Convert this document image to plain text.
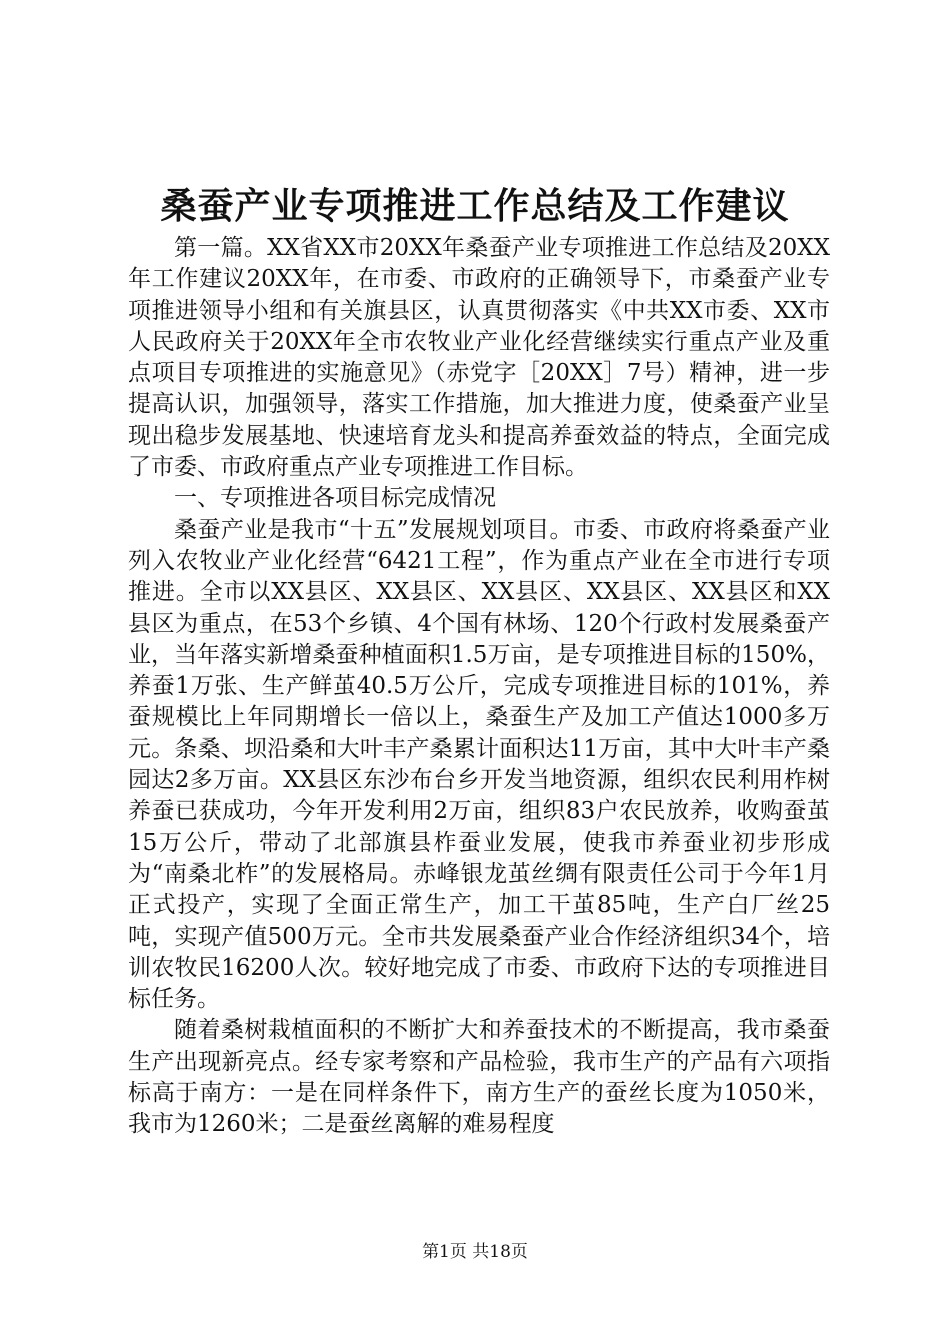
桑蚕产业专项推进工作总结及工作建议

第一篇。XX省XX市20XX年桑蚕产业专项推进工作总结及20XX年工作建议20XX年，在市委、市政府的正确领导下，市桑蚕产业专项推进领导小组和有关旗县区，认真贯彻落实《中共XX市委、XX市人民政府关于20XX年全市农牧业产业化经营继续实行重点产业及重点项目专项推进的实施意见》（赤党字［20XX］7号）精神，进一步提高认识，加强领导，落实工作措施，加大推进力度，使桑蚕产业呈现出稳步发展基地、快速培育龙头和提高养蚕效益的特点，全面完成了市委、市政府重点产业专项推进工作目标。

一、专项推进各项目标完成情况

桑蚕产业是我市“十五”发展规划项目。市委、市政府将桑蚕产业列入农牧业产业化经营“6421工程”，作为重点产业在全市进行专项推进。全市以XX县区、XX县区、XX县区、XX县区、XX县区和XX县区为重点，在53个乡镇、4个国有林场、120个行政村发展桑蚕产业，当年落实新增桑蚕种植面积1.5万亩，是专项推进目标的150%，养蚕1万张、生产鲜茧40.5万公斤，完成专项推进目标的101%，养蚕规模比上年同期增长一倍以上，桑蚕生产及加工产值达1000多万元。条桑、坝沿桑和大叶丰产桑累计面积达11万亩，其中大叶丰产桑园达2多万亩。XX县区东沙布台乡开发当地资源，组织农民利用柞树养蚕已获成功，今年开发利用2万亩，组织83户农民放养，收购蚕茧15万公斤，带动了北部旗县柞蚕业发展，使我市养蚕业初步形成为“南桑北柞”的发展格局。赤峰银龙茧丝绸有限责任公司于今年1月正式投产，实现了全面正常生产，加工干茧85吨，生产白厂丝25吨，实现产值500万元。全市共发展桑蚕产业合作经济组织34个，培训农牧民16200人次。较好地完成了市委、市政府下达的专项推进目标任务。

随着桑树栽植面积的不断扩大和养蚕技术的不断提高，我市桑蚕生产出现新亮点。经专家考察和产品检验，我市生产的产品有六项指标高于南方：一是在同样条件下，南方生产的蚕丝长度为1050米，我市为1260米；二是蚕丝离解的难易程度

第1页 共18页
